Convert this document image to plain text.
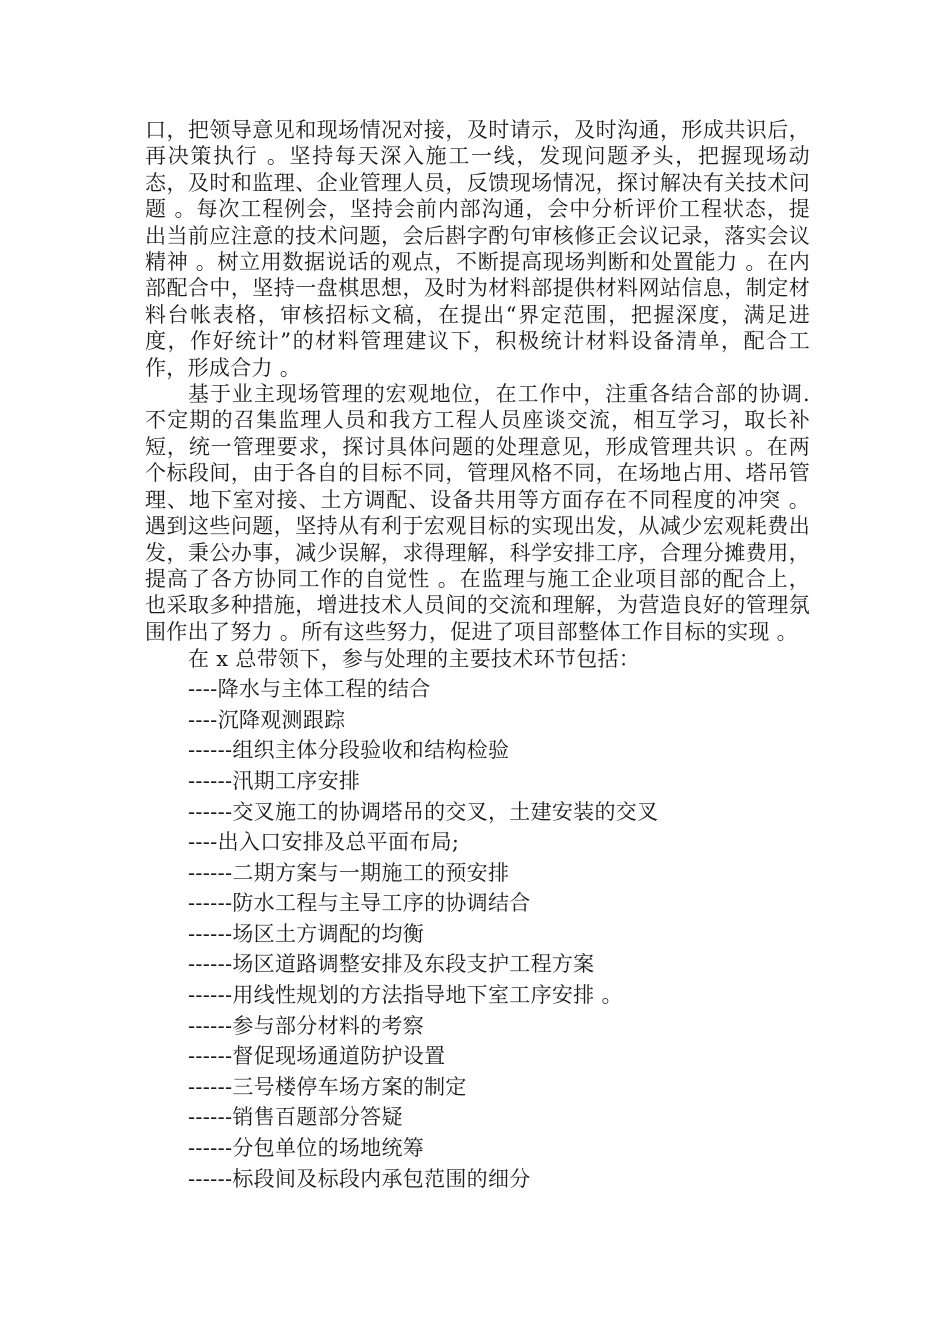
口，把领导意见和现场情况对接，及时请示，及时沟通，形成共识后，再决策执行 。坚持每天深入施工一线，发现问题矛头，把握现场动态，及时和监理、企业管理人员，反馈现场情况，探讨解决有关技术问题 。每次工程例会，坚持会前内部沟通，会中分析评价工程状态，提出当前应注意的技术问题，会后斟字酌句审核修正会议记录，落实会议精神 。树立用数据说话的观点，不断提高现场判断和处置能力 。在内部配合中，坚持一盘棋思想，及时为材料部提供材料网站信息，制定材料台帐表格，审核招标文稿，在提出“界定范围，把握深度，满足进度，作好统计”的材料管理建议下，积极统计材料设备清单，配合工作，形成合力 。

基于业主现场管理的宏观地位，在工作中，注重各结合部的协调.不定期的召集监理人员和我方工程人员座谈交流，相互学习，取长补短，统一管理要求，探讨具体问题的处理意见，形成管理共识 。在两个标段间，由于各自的目标不同，管理风格不同，在场地占用、塔吊管理、地下室对接、土方调配、设备共用等方面存在不同程度的冲突 。遇到这些问题，坚持从有利于宏观目标的实现出发，从减少宏观耗费出发，秉公办事，减少误解，求得理解，科学安排工序，合理分摊费用，提高了各方协同工作的自觉性 。在监理与施工企业项目部的配合上，也采取多种措施，增进技术人员间的交流和理解，为营造良好的管理氛围作出了努力 。所有这些努力，促进了项目部整体工作目标的实现 。

在 x 总带领下，参与处理的主要技术环节包括：

----降水与主体工程的结合
----沉降观测跟踪
------组织主体分段验收和结构检验
------汛期工序安排
------交叉施工的协调塔吊的交叉，土建安装的交叉
----出入口安排及总平面布局;
------二期方案与一期施工的预安排
------防水工程与主导工序的协调结合
------场区土方调配的均衡
------场区道路调整安排及东段支护工程方案
------用线性规划的方法指导地下室工序安排 。
------参与部分材料的考察
------督促现场通道防护设置
------三号楼停车场方案的制定
------销售百题部分答疑
------分包单位的场地统筹
------标段间及标段内承包范围的细分
